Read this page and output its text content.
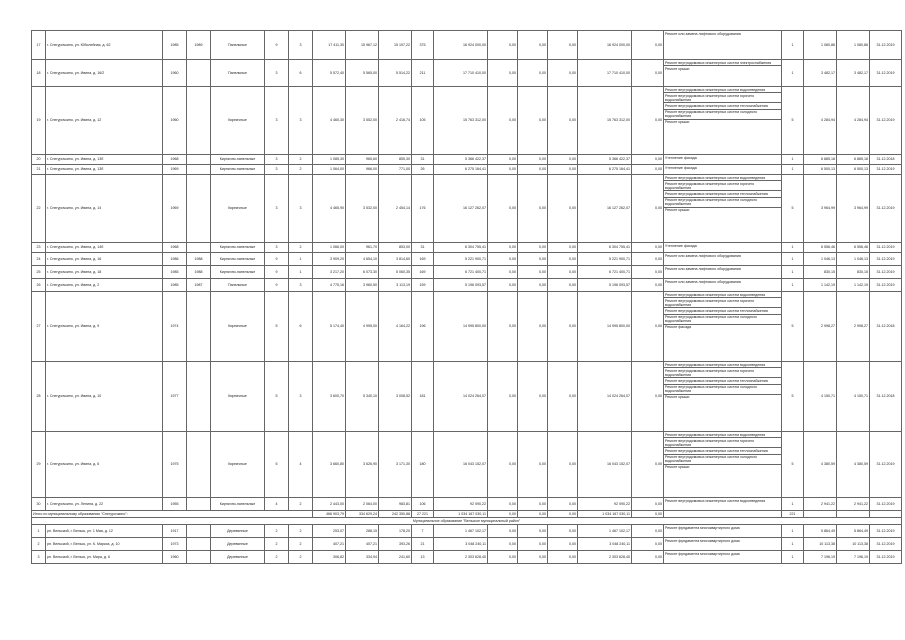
17	г. Снегурочкино, ул. Юбилейная, д. 62	1985	1989	Панельные	9	3	17 411,30	15 967,12	15 197,22	375	16 924 000,00	0,00	0,00	0,00	16 924 000,00	0,00	Ремонт или замена лифтового оборудования	1	1 080,86	1 080,86	31.12.2019
18	г. Снегурочкино, ул. Ивина, д. 16/2	1960		Панельные	3	6	5 572,40	5 565,00	5 514,22	211	17 710 410,00	0,00	0,00	0,00	17 710 410,00	0,00	Ремонт внутридомовых инженерных систем электроснабжения
Ремонт крыши	1	3 482,17	3 482,17	31.12.2019
19	г. Снегурочкино, ул. Ивина, д. 12	1960		Кирпичные	3	3	4 460,30	3 552,00	2 416,74	105	15 763 312,00	0,00	0,00	0,00	15 763 312,00	0,00	Ремонт внутридомовых инженерных систем водоотведения
Ремонт внутридомовых инженерных систем горячего водоснабжения
Ремонт внутридомовых инженерных систем теплоснабжения
Ремонт внутридомовых инженерных систем холодного водоснабжения
Ремонт крыши	5	4 284,94	4 284,94	31.12.2019
20	г. Снегурочкино, ул. Ивина, д. 13б	1968		Кирпично-панельные	3	2	1 085,30	965,60	855,30	31	5 366 422,37	0,00	0,00	0,00	5 366 422,37	0,00	Утепление фасада	1	6 885,18	6 885,18	31.12.2018
21	г. Снегурочкино, ул. Ивина, д. 13б	1969		Кирпично-панельные	3	2	1 064,00	966,00	771,00	26	6 275 164,41	0,00	0,00	0,00	6 275 164,41	0,00	Утепление фасада	1	6 500,13	6 500,13	31.12.2019
22	г. Снегурочкино, ул. Ивина, д. 14	1969		Кирпичные	3	3	4 465,90	3 532,00	2 454,14	176	16 127 262,07	0,00	0,00	0,00	16 127 262,07	0,00	Ремонт внутридомовых инженерных систем водоотведения
Ремонт внутридомовых инженерных систем горячего водоснабжения
Ремонт внутридомовых инженерных систем теплоснабжения
Ремонт внутридомовых инженерных систем холодного водоснабжения
Ремонт крыши	5	3 964,99	3 964,99	31.12.2019
23	г. Снегурочкино, ул. Ивина, д. 14б	1968		Кирпично-панельные	3	2	1 066,00	961,70	853,00	31	6 304 755,41	0,00	0,00	0,00	6 304 755,41	0,00	Утепление фасада	1	6 556,46	6 556,46	31.12.2019
24	г. Снегурочкино, ул. Ивина, д. 16	1986	1988	Кирпично-панельные	9	1	3 909,20	4 654,10	3 814,60	169	5 221 900,71	0,00	0,00	0,00	5 221 900,71	0,00	Ремонт или замена лифтового оборудования	1	1 046,13	1 046,13	31.12.2019
25	г. Снегурочкино, ул. Ивина, д. 18	1985	1988	Кирпично-панельные	9	1	3 217,20	6 073,30	5 060,35	169	6 721 400,71	0,00	0,00	0,00	6 721 400,71	0,00	Ремонт или замена лифтового оборудования	1	830,15	830,15	31.12.2019
26	г. Снегурочкино, ул. Ивина, д. 2	1985	1987	Панельные	9	3	4 775,16	3 960,50	3 113,19	159	5 196 093,57	0,00	0,00	0,00	5 196 093,57	0,00	Ремонт или замена лифтового оборудования	1	1 142,19	1 142,19	31.12.2019
27	г. Снегурочкино, ул. Ивина, д. 9	1974		Кирпичные	5	6	5 174,40	4 995,00	4 164,22	196	14 995 800,00	0,00	0,00	0,00	14 995 800,00	0,00	Ремонт внутридомовых инженерных систем водоотведения
Ремонт внутридомовых инженерных систем горячего водоснабжения
Ремонт внутридомовых инженерных систем теплоснабжения
Ремонт внутридомовых инженерных систем холодного водоснабжения
Ремонт фасада	5	2 998,27	2 998,27	31.12.2018
28	г. Снегурочкино, ул. Ивина, д. 10	1977		Кирпичные	5	3	3 600,70	5 340,10	3 008,52	181	14 024 264,07	0,00	0,00	0,00	14 024 264,07	0,00	Ремонт внутридомовых инженерных систем водоотведения
Ремонт внутридомовых инженерных систем горячего водоснабжения
Ремонт внутридомовых инженерных систем теплоснабжения
Ремонт внутридомовых инженерных систем холодного водоснабжения
Ремонт крыши	5	4 150,71	4 150,71	31.12.2018
29	г. Снегурочкино, ул. Ивина, д. 6	1975		Кирпичные	5	4	3 660,80	3 626,90	3 171,30	180	16 043 152,07	0,00	0,00	0,00	16 043 152,07	0,00	Ремонт внутридомовых инженерных систем водоотведения
Ремонт внутридомовых инженерных систем горячего водоснабжения
Ремонт внутридомовых инженерных систем теплоснабжения
Ремонт внутридомовых инженерных систем холодного водоснабжения
Ремонт крыши	5	4 380,59	4 380,59	31.12.2019
30	г. Снегурочкино, ул. Ленина, д. 22	1955		Кирпично-панельные	4	2	2 443,00	2 064,00	983,81	106	92 090,22	0,00	0,00	0,00	92 090,22	0,00	Ремонт внутридомовых инженерных систем водоотведения	1	2 941,22	2 941,22	31.12.2019
Итого по муниципальному образованию "Снегурочкино":							466 903,79	334 629,24	242 350,88	27 221	1 034 167 030,11	0,00	0,00	0,00	1 034 167 030,11	0,00		221			
Муниципальное образование "Вельское муниципальный район"																					
1	рп. Вельский, г. Вельск, ул. 1 Мая, д. 12	1917		Деревянные	2	2	253,07	288,15	178,20	7	1 467 102,17	0,00	0,00	0,00	1 467 102,17	0,00	Ремонт фундамента многоквартирного дома	1	5 864,49	5 864,49	31.12.2019
2	рп. Вельский, г. Вельск, ул. К. Маркса, д. 10	1973		Деревянные	2	2	407,21	407,21	393,26	21	3 048 240,11	0,00	0,00	0,00	3 048 240,11	0,00	Ремонт фундамента многоквартирного дома	1	10 113,38	10 113,38	31.12.2019
3	рп. Вельский, г. Вельск, ул. Мира, д. 6	1960		Деревянные	2	2	306,82	334,94	241,60	13	2 303 628,40	0,00	0,00	0,00	2 303 628,40	0,00	Ремонт фундамента многоквартирного дома	1	7 196,19	7 196,19	31.12.2019
